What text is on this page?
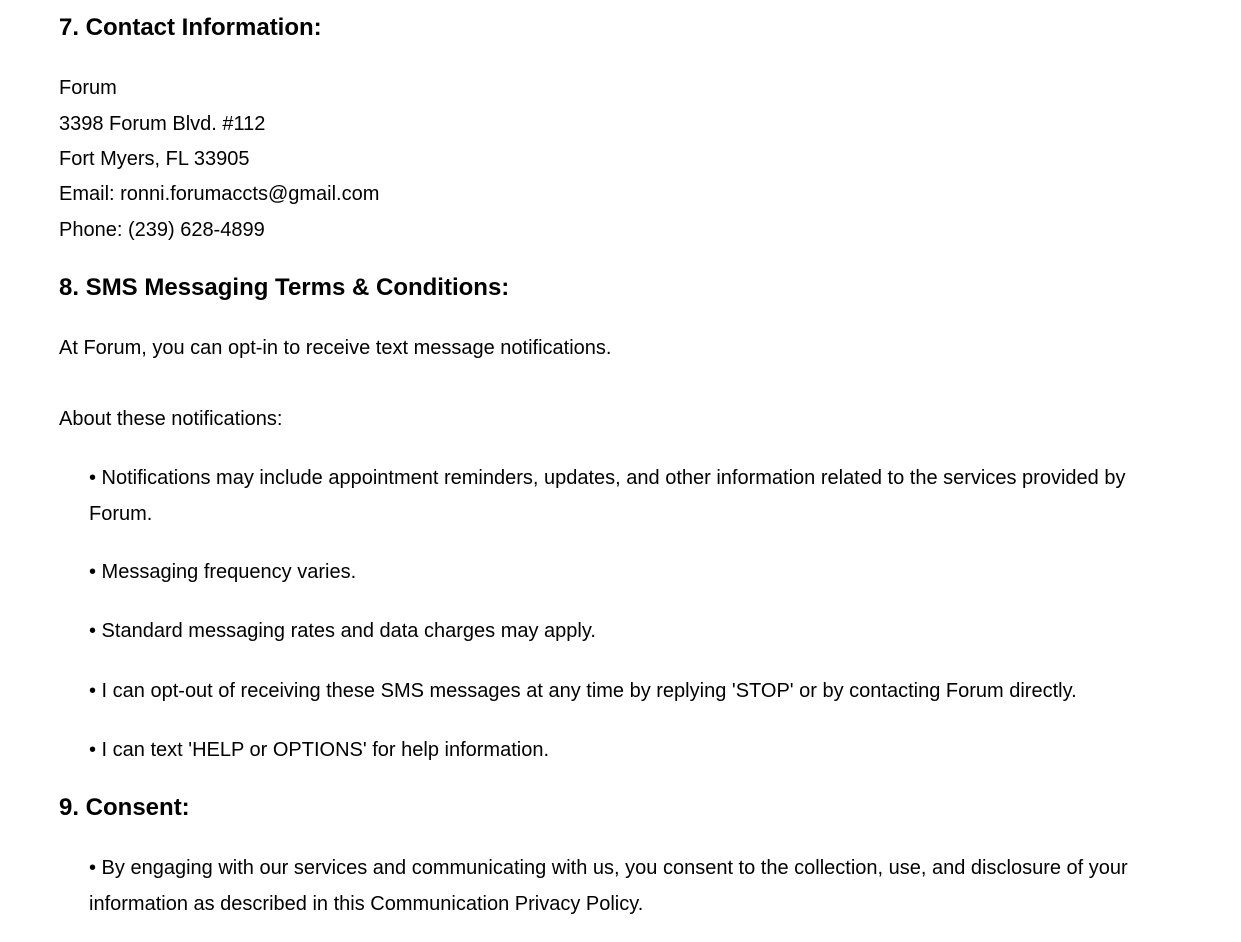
7. Contact Information:
Forum
3398 Forum Blvd. #112
Fort Myers, FL 33905
Email: ronni.forumaccts@gmail.com
Phone: (239) 628-4899
8. SMS Messaging Terms & Conditions:
At Forum, you can opt-in to receive text message notifications.
About these notifications:
• Notifications may include appointment reminders, updates, and other information related to the services provided by Forum.
• Messaging frequency varies.
• Standard messaging rates and data charges may apply.
• I can opt-out of receiving these SMS messages at any time by replying 'STOP' or by contacting Forum directly.
• I can text 'HELP or OPTIONS' for help information.
9. Consent:
• By engaging with our services and communicating with us, you consent to the collection, use, and disclosure of your information as described in this Communication Privacy Policy.
